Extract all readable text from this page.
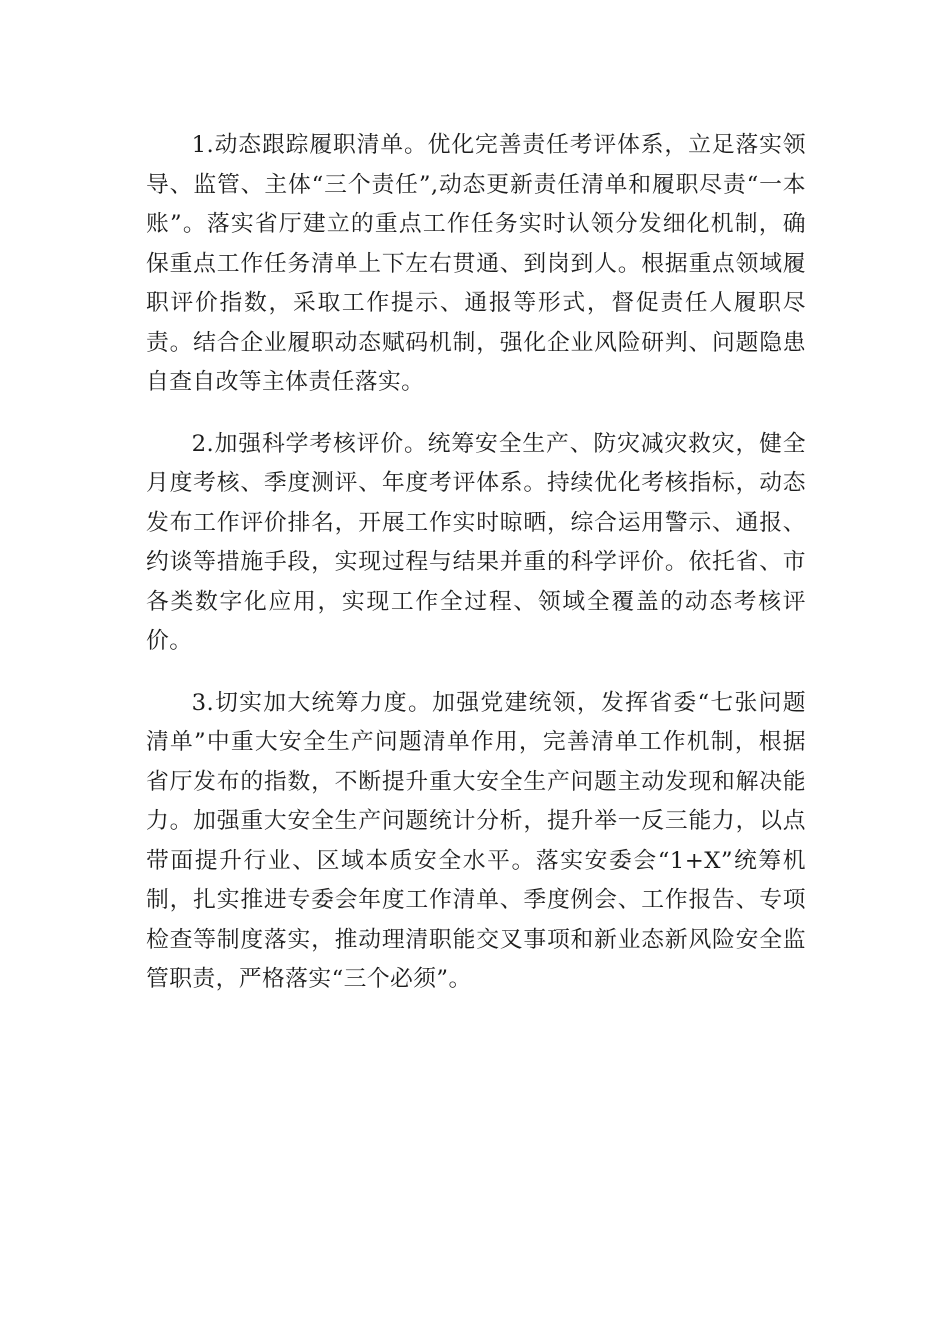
1.动态跟踪履职清单。优化完善责任考评体系，立足落实领导、监管、主体“三个责任”,动态更新责任清单和履职尽责“一本账”。落实省厅建立的重点工作任务实时认领分发细化机制，确保重点工作任务清单上下左右贯通、到岗到人。根据重点领域履职评价指数，采取工作提示、通报等形式，督促责任人履职尽责。结合企业履职动态赋码机制，强化企业风险研判、问题隐患自查自改等主体责任落实。

2.加强科学考核评价。统筹安全生产、防灾减灾救灾，健全月度考核、季度测评、年度考评体系。持续优化考核指标，动态发布工作评价排名，开展工作实时晾晒，综合运用警示、通报、约谈等措施手段，实现过程与结果并重的科学评价。依托省、市各类数字化应用，实现工作全过程、领域全覆盖的动态考核评价。

3.切实加大统筹力度。加强党建统领，发挥省委“七张问题清单”中重大安全生产问题清单作用，完善清单工作机制，根据省厅发布的指数，不断提升重大安全生产问题主动发现和解决能力。加强重大安全生产问题统计分析，提升举一反三能力，以点带面提升行业、区域本质安全水平。落实安委会“1+X”统筹机制，扎实推进专委会年度工作清单、季度例会、工作报告、专项检查等制度落实，推动理清职能交叉事项和新业态新风险安全监管职责，严格落实“三个必须”。
